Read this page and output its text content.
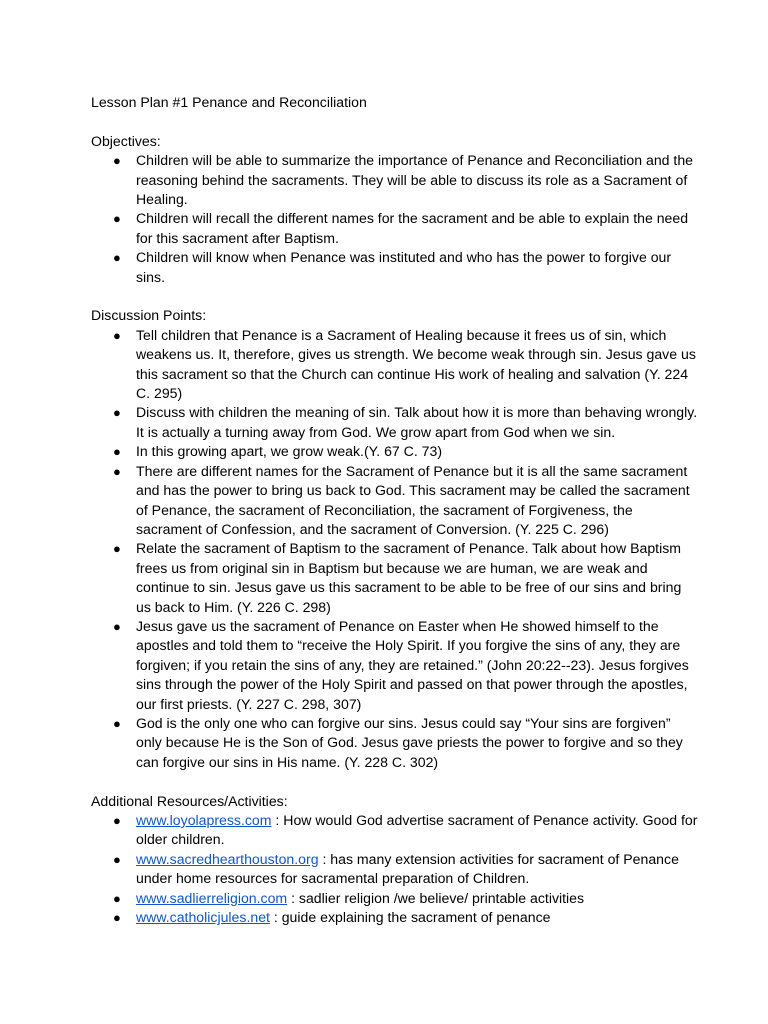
Lesson Plan #1 Penance and Reconciliation

Objectives:

● Children will be able to summarize the importance of Penance and Reconciliation and the reasoning behind the sacraments. They will be able to discuss its role as a Sacrament of Healing.
● Children will recall the different names for the sacrament and be able to explain the need for this sacrament after Baptism.
● Children will know when Penance was instituted and who has the power to forgive our sins.

Discussion Points:

● Tell children that Penance is a Sacrament of Healing because it frees us of sin, which weakens us. It, therefore, gives us strength. We become weak through sin. Jesus gave us this sacrament so that the Church can continue His work of healing and salvation (Y. 224 C. 295)
● Discuss with children the meaning of sin. Talk about how it is more than behaving wrongly. It is actually a turning away from God. We grow apart from God when we sin.
● In this growing apart, we grow weak.(Y. 67 C. 73)
● There are different names for the Sacrament of Penance but it is all the same sacrament and has the power to bring us back to God. This sacrament may be called the sacrament of Penance, the sacrament of Reconciliation, the sacrament of Forgiveness, the sacrament of Confession, and the sacrament of Conversion. (Y. 225 C. 296)
● Relate the sacrament of Baptism to the sacrament of Penance. Talk about how Baptism frees us from original sin in Baptism but because we are human, we are weak and continue to sin. Jesus gave us this sacrament to be able to be free of our sins and bring us back to Him. (Y. 226 C. 298)
● Jesus gave us the sacrament of Penance on Easter when He showed himself to the apostles and told them to “receive the Holy Spirit. If you forgive the sins of any, they are forgiven; if you retain the sins of any, they are retained.” (John 20:22--23). Jesus forgives sins through the power of the Holy Spirit and passed on that power through the apostles, our first priests. (Y. 227 C. 298, 307)
● God is the only one who can forgive our sins. Jesus could say “Your sins are forgiven” only because He is the Son of God. Jesus gave priests the power to forgive and so they can forgive our sins in His name. (Y. 228 C. 302)

Additional Resources/Activities:

● www.loyolapress.com : How would God advertise sacrament of Penance activity. Good for older children.
● www.sacredhearthouston.org : has many extension activities for sacrament of Penance under home resources for sacramental preparation of Children.
● www.sadlierreligion.com : sadlier religion /we believe/ printable activities
● www.catholicjules.net : guide explaining the sacrament of penance
